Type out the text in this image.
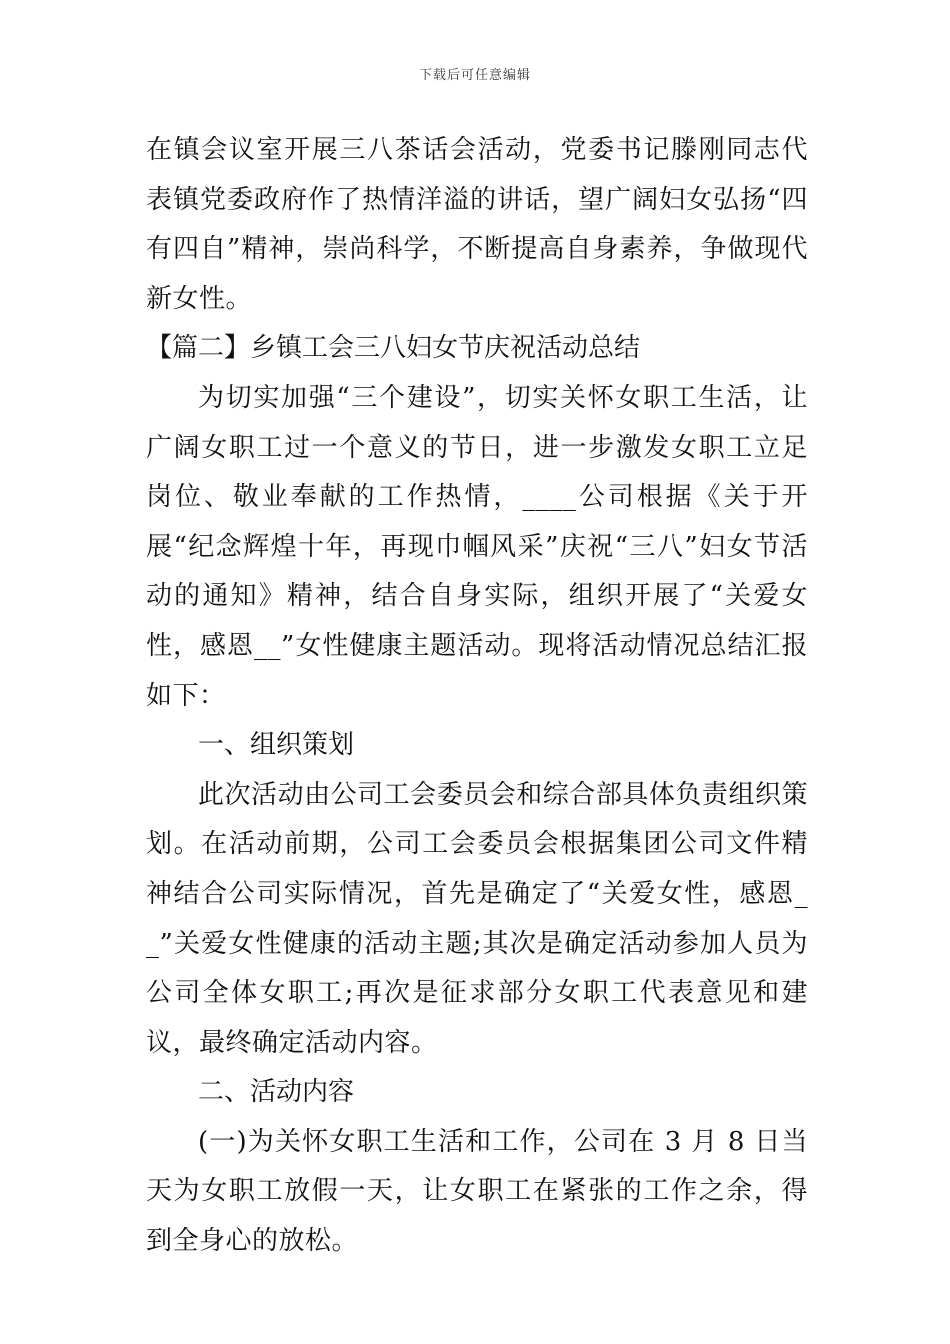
下载后可任意编辑

在镇会议室开展三八茶话会活动，党委书记滕刚同志代表镇党委政府作了热情洋溢的讲话，望广阔妇女弘扬“四有四自”精神，崇尚科学，不断提高自身素养，争做现代新女性。

【篇二】乡镇工会三八妇女节庆祝活动总结

为切实加强“三个建设”，切实关怀女职工生活，让广阔女职工过一个意义的节日，进一步激发女职工立足岗位、敬业奉献的工作热情，____公司根据《关于开展“纪念辉煌十年，再现巾帼风采”庆祝“三八”妇女节活动的通知》精神，结合自身实际，组织开展了“关爱女性，感恩__”女性健康主题活动。现将活动情况总结汇报如下：

一、组织策划

此次活动由公司工会委员会和综合部具体负责组织策划。在活动前期，公司工会委员会根据集团公司文件精神结合公司实际情况，首先是确定了“关爱女性，感恩__”关爱女性健康的活动主题;其次是确定活动参加人员为公司全体女职工;再次是征求部分女职工代表意见和建议，最终确定活动内容。

二、活动内容

(一)为关怀女职工生活和工作，公司在 3 月 8 日当天为女职工放假一天，让女职工在紧张的工作之余，得到全身心的放松。
